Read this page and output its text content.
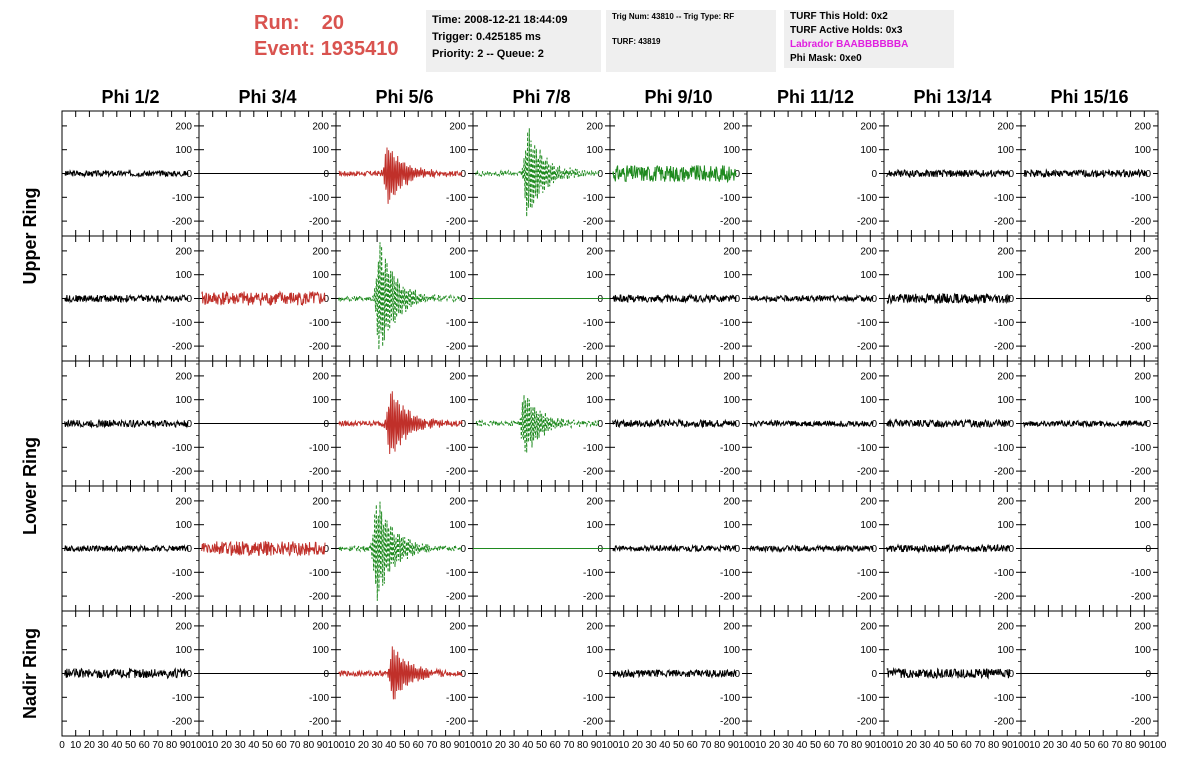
Run: 20
Event: 1935410
Time: 2008-12-21 18:44:09
Trigger: 0.425185 ms
Priority: 2 -- Queue: 2
Trig Num: 43810 -- Trig Type: RF
TURF: 43819
TURF This Hold: 0x2
TURF Active Holds: 0x3
Labrador BAABBBBBBA
Phi Mask: 0xe0
Phi 1/2	Phi 3/4	Phi 5/6	Phi 7/8	Phi 9/10	Phi 11/12	Phi 13/14	Phi 15/16
Upper Ring
Lower Ring
Nadir Ring
200
100
0
-100
-200
200
100
0
-100
-200
200
100
0
-100
-200
200
100
0
-100
-200
200
100
0
-100
-200
200
100
0
-100
-200
200
100
0
-100
-200
200
100
0
-100
-200
200
100
0
-100
-200
200
100
0
-100
-200
200
100
0
-100
-200
200
100
0
-100
-200
200
100
0
-100
-200
200
100
0
-100
-200
200
100
0
-100
-200
200
100
0
-100
-200
200
100
0
-100
-200
200
100
0
-100
-200
200
100
0
-100
-200
200
100
0
-100
-200
200
100
0
-100
-200
200
100
0
-100
-200
200
100
0
-100
-200
200
100
0
-100
-200
200
100
0
-100
-200
200
100
0
-100
-200
200
100
0
-100
-200
200
100
0
-100
-200
200
100
0
-100
-200
200
100
0
-100
-200
200
100
0
-100
-200
200
100
0
-100
-200
200
100
0
-100
-200
200
100
0
-100
-200
200
100
0
-100
-200
200
100
0
-100
-200
200
100
0
-100
-200
200
100
0
-100
-200
200
100
0
-100
-200
200
100
0
-100
-200
0 10 20 30 40 50 60 70 80 90 100 10 20 30 40 50 60 70 80 90 100 10 20 30 40 50 60 70 80 90 100 10 20 30 40 50 60 70 80 90 100 10 20 30 40 50 60 70 80 90 100 10 20 30 40 50 60 70 80 90 100 10 20 30 40 50 60 70 80 90 100 10 20 30 40 50 60 70 80 90 100
